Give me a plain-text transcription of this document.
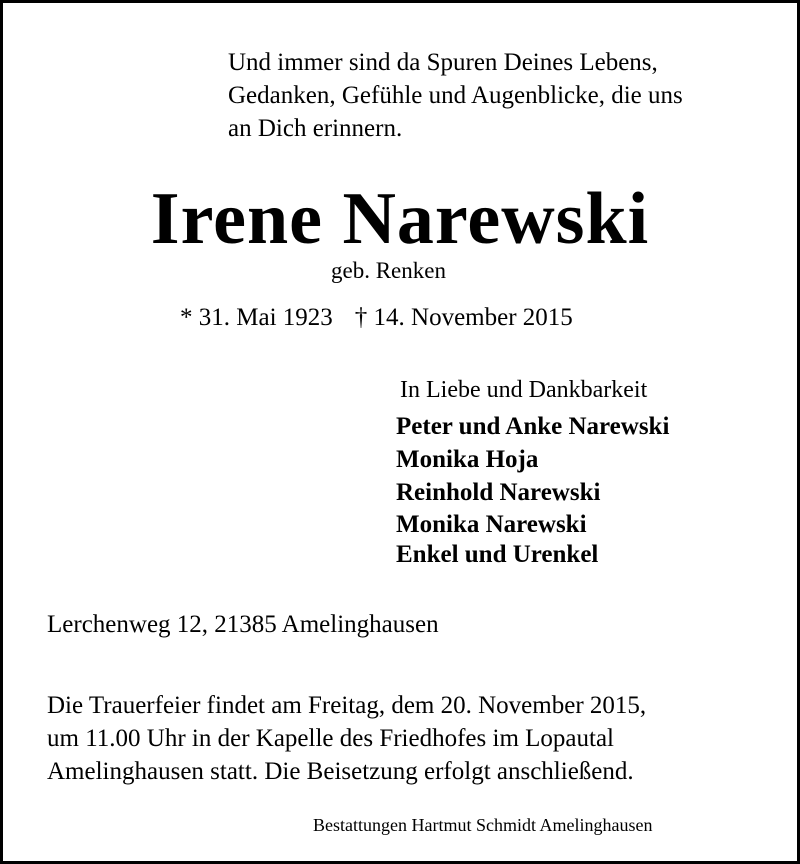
Und immer sind da Spuren Deines Lebens,
Gedanken, Gefühle und Augenblicke, die uns
an Dich erinnern.
Irene Narewski
geb. Renken
* 31. Mai 1923 † 14. November 2015
In Liebe und Dankbarkeit
Peter und Anke Narewski
Monika Hoja
Reinhold Narewski
Monika Narewski
Enkel und Urenkel
Lerchenweg 12, 21385 Amelinghausen
Die Trauerfeier findet am Freitag, dem 20. November 2015,
um 11.00 Uhr in der Kapelle des Friedhofes im Lopautal
Amelinghausen statt. Die Beisetzung erfolgt anschließend.
Bestattungen Hartmut Schmidt Amelinghausen
